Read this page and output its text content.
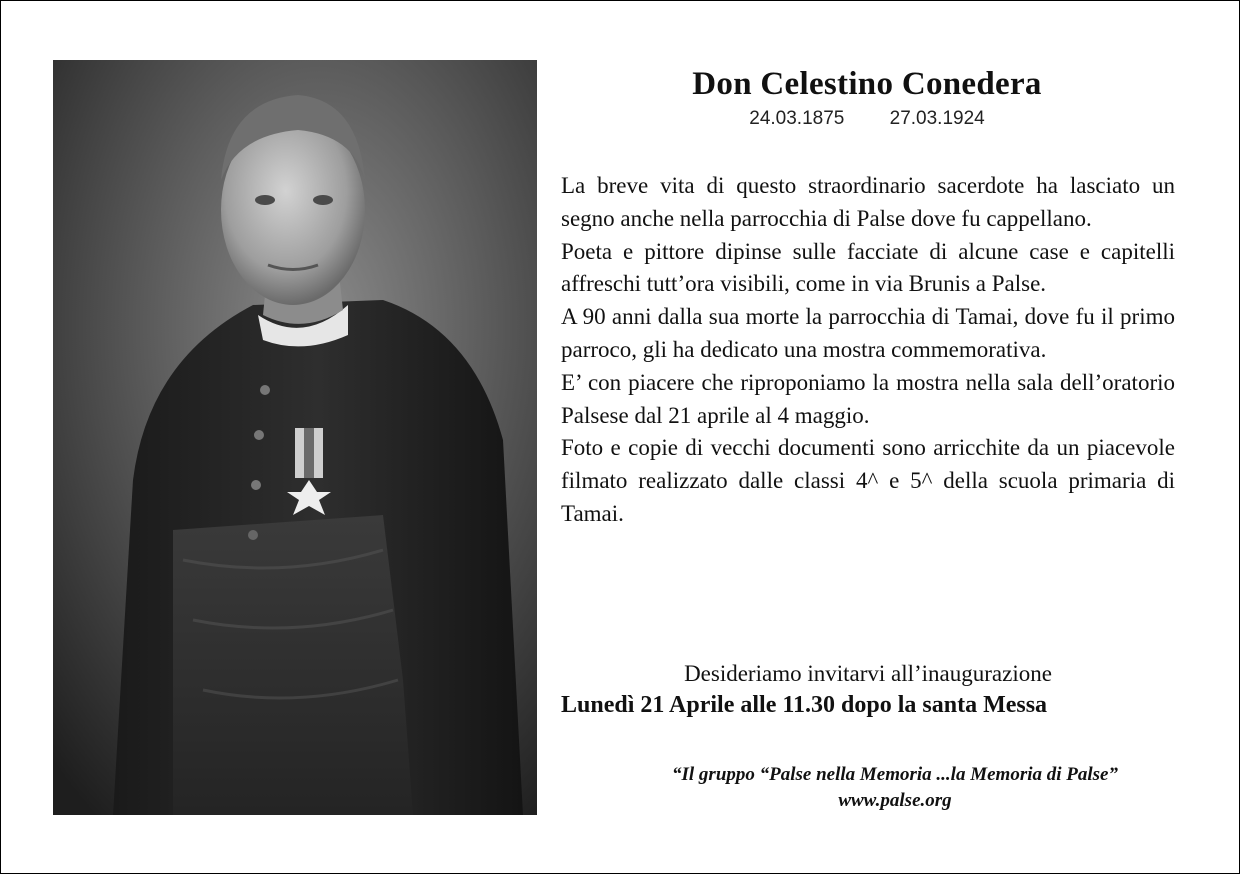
Don Celestino Conedera
24.03.1875 27.03.1924

La breve vita di questo straordinario sacerdote ha lasciato un segno anche nella parrocchia di Palse dove fu cappellano.

Poeta e pittore dipinse sulle facciate di alcune case e capitelli affreschi tutt’ora visibili, come in via Brunis a Palse.

A 90 anni dalla sua morte la parrocchia di Tamai, dove fu il primo parroco, gli ha dedicato una mostra commemorativa.

E’ con piacere che riproponiamo la mostra nella sala dell’oratorio Palsese dal 21 aprile al 4 maggio.

Foto e copie di vecchi documenti sono arricchite da un piacevole filmato realizzato dalle classi 4^ e 5^ della scuola primaria di Tamai.

Desideriamo invitarvi all’inaugurazione
Lunedì 21 Aprile alle 11.30 dopo la santa Messa
“Il gruppo “Palse nella Memoria ...la Memoria di Palse”
www.palse.org
